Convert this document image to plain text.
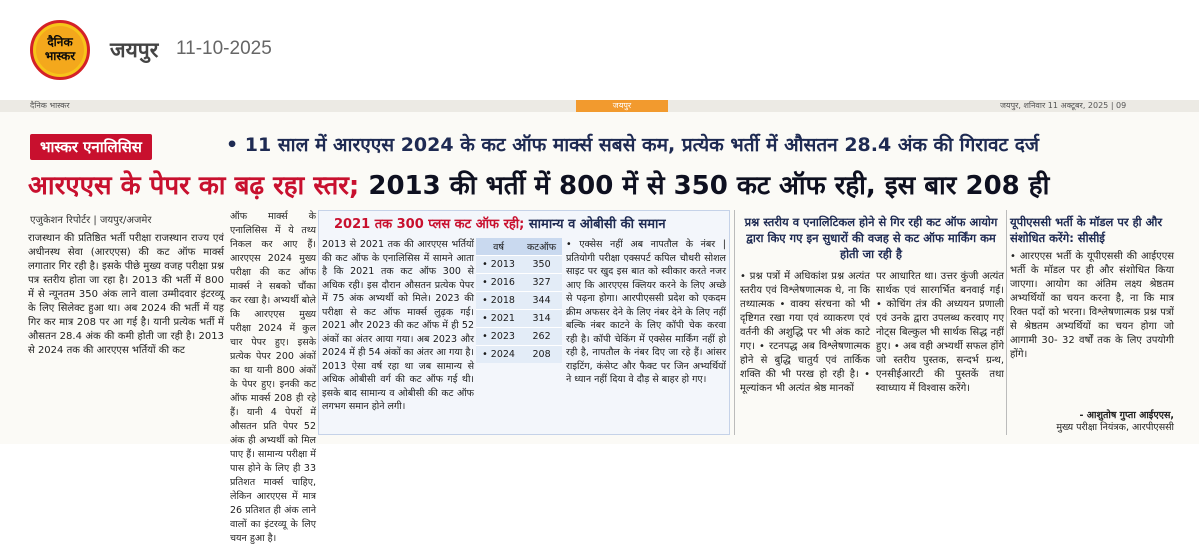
दैनिक
भास्कर	जयपुर 11-10-2025
दैनिक भास्कर	जयपुर	जयपुर, शनिवार 11 अक्टूबर, 2025 | 09
भास्कर एनालिसिस	• 11 साल में आरएएस 2024 के कट ऑफ मार्क्स सबसे कम, प्रत्येक भर्ती में औसतन 28.4 अंक की गिरावट दर्ज
आरएएस के पेपर का बढ़ रहा स्तर; 2013 की भर्ती में 800 में से 350 कट ऑफ रही, इस बार 208 ही
एजुकेशन रिपोर्टर | जयपुर/अजमेर
राजस्थान की प्रतिष्ठित भर्ती परीक्षा राजस्थान राज्य एवं अधीनस्थ सेवा (आरएएस) की कट ऑफ मार्क्स लगातार गिर रही है। इसके पीछे मुख्य वजह परीक्षा प्रश्न पत्र स्तरीय होता जा रहा है। 2013 की भर्ती में 800 में से न्यूनतम 350 अंक लाने वाला उम्मीदवार इंटरव्यू के लिए सिलेक्ट हुआ था। अब 2024 की भर्ती में यह गिर कर मात्र 208 पर आ गई है। यानी प्रत्येक भर्ती में औसतन 28.4 अंक की कमी होती जा रही है। 2013 से 2024 तक की आरएएस भर्तियों की कट
ऑफ मार्क्स के एनालिसिस में ये तथ्य निकल कर आए हैं। आरएएस 2024 मुख्य परीक्षा की कट ऑफ मार्क्स ने सबको चौंका कर रखा है। अभ्यर्थी बोले कि आरएएस मुख्य परीक्षा 2024 में कुल चार पेपर हुए। इसके प्रत्येक पेपर 200 अंकों का था यानी 800 अंकों के पेपर हुए। इनकी कट ऑफ मार्क्स 208 ही रहे हैं। यानी 4 पेपरों में औसतन प्रति पेपर 52 अंक ही अभ्यर्थी को मिल पाए हैं। सामान्य परीक्षा में पास होने के लिए ही 33 प्रतिशत मार्क्स चाहिए, लेकिन आरएएस में मात्र 26 प्रतिशत ही अंक लाने वालों का इंटरव्यू के लिए चयन हुआ है।
2021 तक 300 प्लस कट ऑफ रही; सामान्य व ओबीसी की समान
2013 से 2021 तक की आरएएस भर्तियों की कट ऑफ के एनालिसिस में सामने आता है कि 2021 तक कट ऑफ 300 से अधिक रही। इस दौरान औसतन प्रत्येक पेपर में 75 अंक अभ्यर्थी को मिले। 2023 की परीक्षा से कट ऑफ मार्क्स लुढ़क गई। 2021 और 2023 की कट ऑफ में ही 52 अंकों का अंतर आया गया। अब 2023 और 2024 में ही 54 अंकों का अंतर आ गया है। 2013 ऐसा वर्ष रहा था जब सामान्य से अधिक ओबीसी वर्ग की कट ऑफ गई थी। इसके बाद सामान्य व ओबीसी की कट ऑफ लगभग समान होने लगी।
वर्ष	कटऑफ
• 2013	350
• 2016	327
• 2018	344
• 2021	314
• 2023	262
• 2024	208
• एक्सेस नहीं अब नापतौल के नंबर | प्रतियोगी परीक्षा एक्सपर्ट कपिल चौधरी सोशल साइट पर खुद इस बात को स्वीकार करते नजर आए कि आरएएस क्लियर करने के लिए अच्छे से पढ़ना होगा। आरपीएससी प्रदेश को एकदम क्रीम अफसर देने के लिए नंबर देने के लिए नहीं बल्कि नंबर काटने के लिए कॉपी चेक करवा रही है। कॉपी चेकिंग में एक्सेस मार्किंग नहीं हो रही है, नापतौल के नंबर दिए जा रहे हैं। आंसर राइटिंग, कंसेप्ट और फैक्ट पर जिन अभ्यर्थियों ने ध्यान नहीं दिया वे दौड़ से बाहर हो गए।
प्रश्न स्तरीय व एनालिटिकल होने से गिर रही कट ऑफ आयोग द्वारा किए गए इन सुधारों की वजह से कट ऑफ मार्किंग कम होती जा रही है
• प्रश्न पत्रों में अधिकांश प्रश्न अत्यंत स्तरीय एवं विश्लेषणात्मक थे, ना कि तथ्यात्मक • वाक्य संरचना को भी दृष्टिगत रखा गया एवं व्याकरण एवं वर्तनी की अशुद्धि पर भी अंक काटे गए। • रटनपद्ध अब विश्लेषणात्मक होने से बुद्धि चातुर्य एवं तार्किक शक्ति की भी परख हो रही है। • मूल्यांकन भी अत्यंत श्रेष्ठ मानकों
पर आधारित था। उत्तर कुंजी अत्यंत सार्थक एवं सारगर्भित बनवाई गई। • कोचिंग तंत्र की अध्ययन प्रणाली एवं उनके द्वारा उपलब्ध करवाए गए नोट्स बिल्कुल भी सार्थक सिद्ध नहीं हुए। • अब वही अभ्यर्थी सफल होंगे जो स्तरीय पुस्तक, सन्दर्भ ग्रन्थ, एनसीईआरटी की पुस्तकें तथा स्वाध्याय में विश्वास करेंगे।
यूपीएससी भर्ती के मॉडल पर ही और संशोधित करेंगे: सीसीई
• आरएएस भर्ती के यूपीएससी की आईएएस भर्ती के मॉडल पर ही और संशोधित किया जाएगा। आयोग का अंतिम लक्ष्य श्रेष्ठतम अभ्यर्थियों का चयन करना है, ना कि मात्र रिक्त पदों को भरना। विश्लेषणात्मक प्रश्न पत्रों से श्रेष्ठतम अभ्यर्थियों का चयन होगा जो आगामी 30- 32 वर्षों तक के लिए उपयोगी होंगे।
- आशुतोष गुप्ता आईएएस,
मुख्य परीक्षा नियंत्रक, आरपीएससी
